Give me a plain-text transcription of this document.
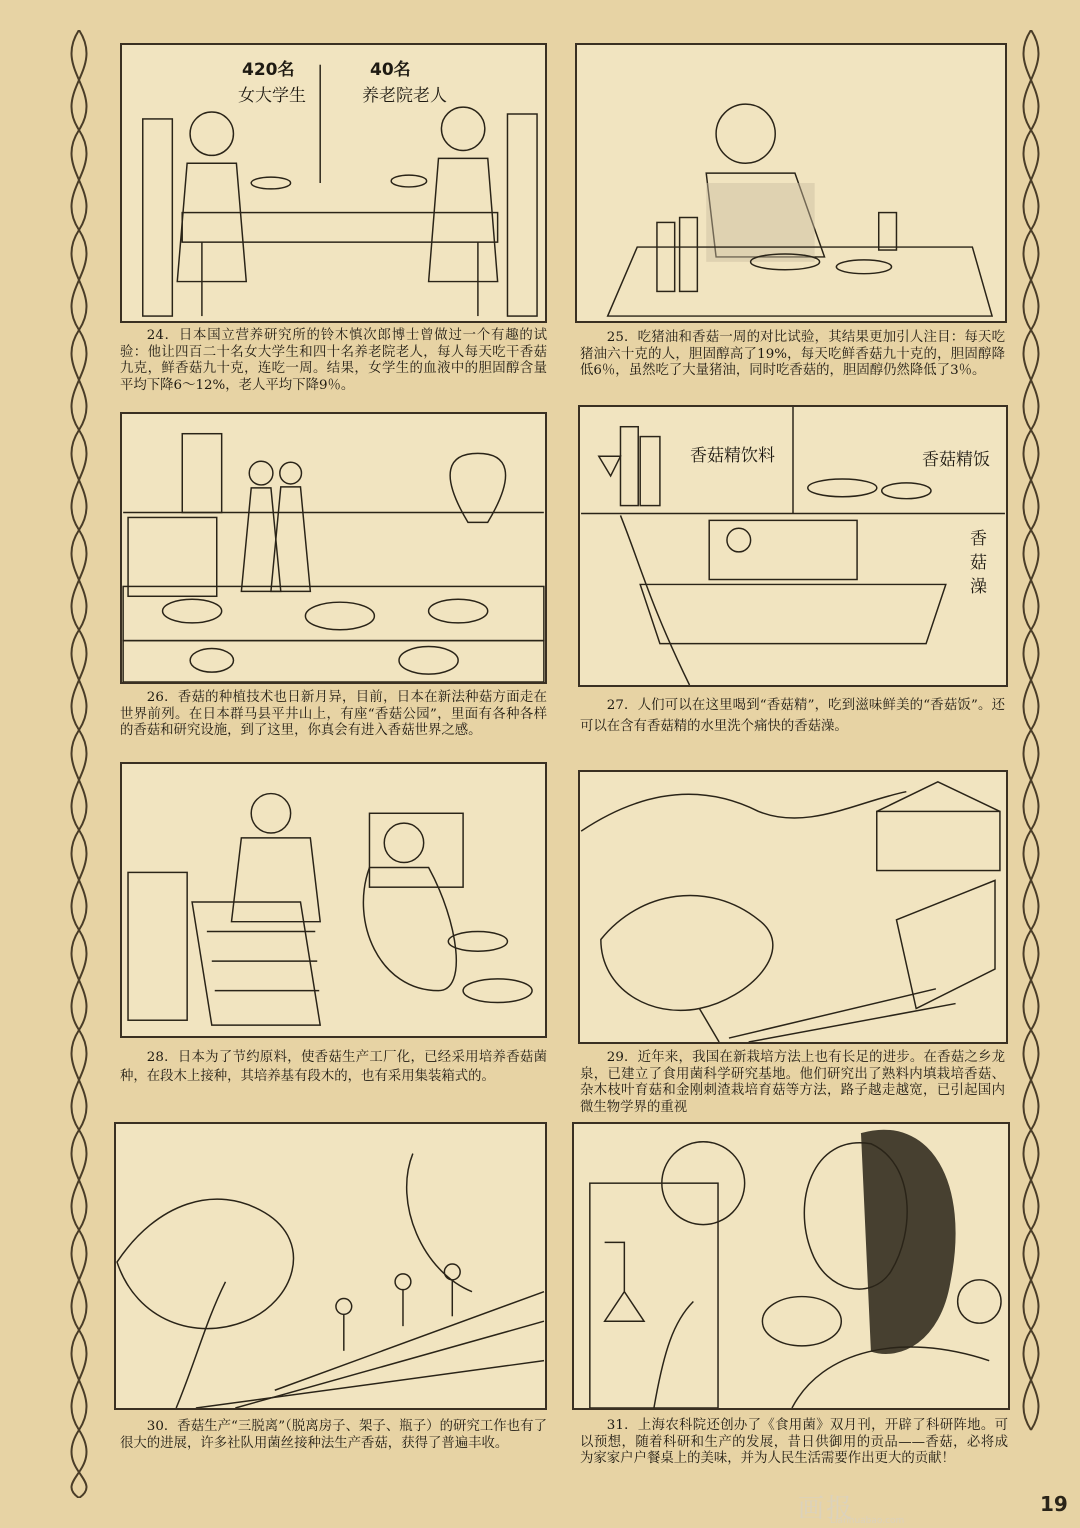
420名
女大学生
40名
养老院老人
24．日本国立营养研究所的铃木慎次郎博士曾做过一个有趣的试验：他让四百二十名女大学生和四十名养老院老人，每人每天吃干香菇九克，鲜香菇九十克，连吃一周。结果，女学生的血液中的胆固醇含量平均下降6～12%，老人平均下降9％。
25．吃猪油和香菇一周的对比试验，其结果更加引人注目：每天吃猪油六十克的人，胆固醇高了19%，每天吃鲜香菇九十克的，胆固醇降低6％，虽然吃了大量猪油，同时吃香菇的，胆固醇仍然降低了3％。
26．香菇的种植技术也日新月异，目前，日本在新法种菇方面走在世界前列。在日本群马县平井山上，有座“香菇公园”，里面有各种各样的香菇和研究设施，到了这里，你真会有进入香菇世界之感。
香菇精饮料	香菇精饭
香菇澡
27．人们可以在这里喝到“香菇精”，吃到滋味鲜美的“香菇饭”。还可以在含有香菇精的水里洗个痛快的香菇澡。
28．日本为了节约原料，使香菇生产工厂化，已经采用培养香菇菌种，在段木上接种，其培养基有段木的，也有采用集装箱式的。
29．近年来，我国在新栽培方法上也有长足的进步。在香菇之乡龙泉，已建立了食用菌科学研究基地。他们研究出了熟料内填栽培香菇、杂木枝叶育菇和金刚刺渣栽培育菇等方法，路子越走越宽，已引起国内微生物学界的重视
30．香菇生产“三脱离”（脱离房子、架子、瓶子）的研究工作也有了很大的进展，许多社队用菌丝接种法生产香菇，获得了普遍丰收。
31．上海农科院还创办了《食用菌》双月刊，开辟了科研阵地。可以预想，随着科研和生产的发展，昔日供御用的贡品——香菇，必将成为家家户户餐桌上的美味，并为人民生活需要作出更大的贡献！
画报
Lianhuabao.com
19
